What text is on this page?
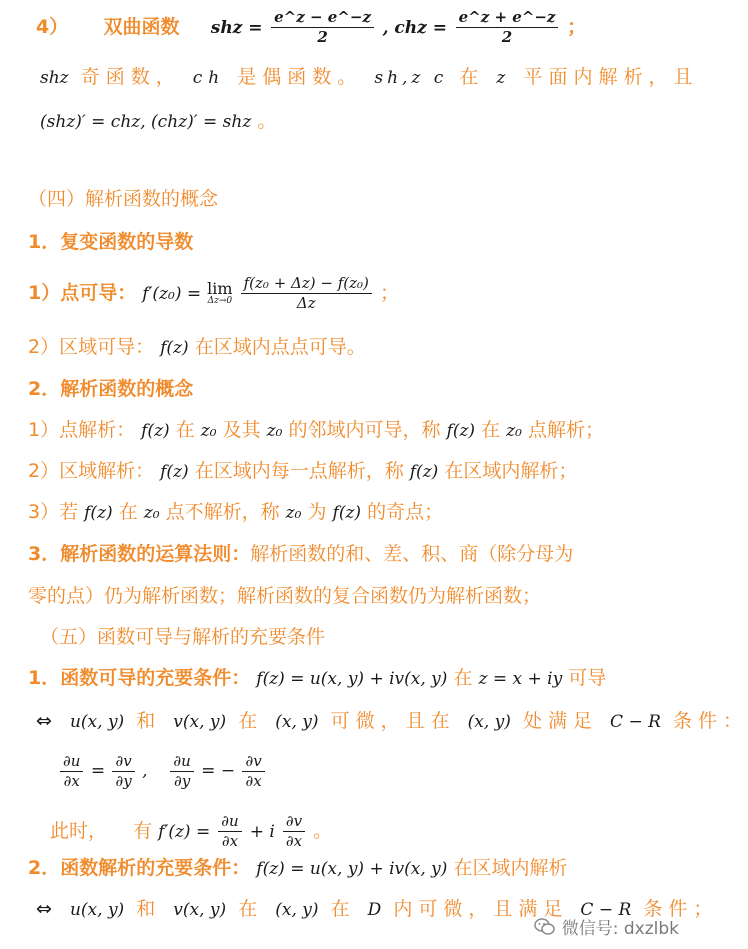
4） 双曲函数 shz = $\frac{e\^{}z - e\^{}-z}{2}$ , chz = $\frac{e\^{}z + e\^{}-z}{2}$ ；
shz 奇函数， ch 是偶函数。 sh,z c 在 z 平面内解析，且
(shz)′ = chz, (chz)′ = shz 。
（四）解析函数的概念
1．复变函数的导数
1）点可导： f′(z₀) = lim
Δz→0
$\frac{\text{f(z₀ + Δz) − f(z₀)}}{\Delta z}$ ；
2）区域可导： f(z) 在区域内点点可导。
2．解析函数的概念
1）点解析： f(z) 在 z₀ 及其 z₀ 的邻域内可导，称 f(z) 在 z₀ 点解析；
2）区域解析： f(z) 在区域内每一点解析，称 f(z) 在区域内解析；
3）若 f(z) 在 z₀ 点不解析，称 z₀ 为 f(z) 的奇点；
3．解析函数的运算法则：解析函数的和、差、积、商（除分母为
零的点）仍为解析函数；解析函数的复合函数仍为解析函数；
（五）函数可导与解析的充要条件
1．函数可导的充要条件： f(z) = u(x, y) + iv(x, y) 在 z = x + iy 可导
⇔ u(x, y) 和 v(x, y) 在 (x, y) 可微，且在 (x, y) 处满足 C − R 条件：
$\frac{\partial u}{\partial x} = \frac{\partial v}{\partial y}$ , $\frac{\partial u}{\partial y}$ = − $\frac{\partial v}{\partial x}$
此时， 有 $f'(z) = \frac{\partial u}{\partial x} + i \frac{\partial v}{\partial x}$ 。
2．函数解析的充要条件： f(z) = u(x, y) + iv(x, y) 在区域内解析
⇔ u(x, y) 和 v(x, y) 在 (x, y) 在 D 内可微，且满足 C − R 条件；
微信号: dxzlbk
